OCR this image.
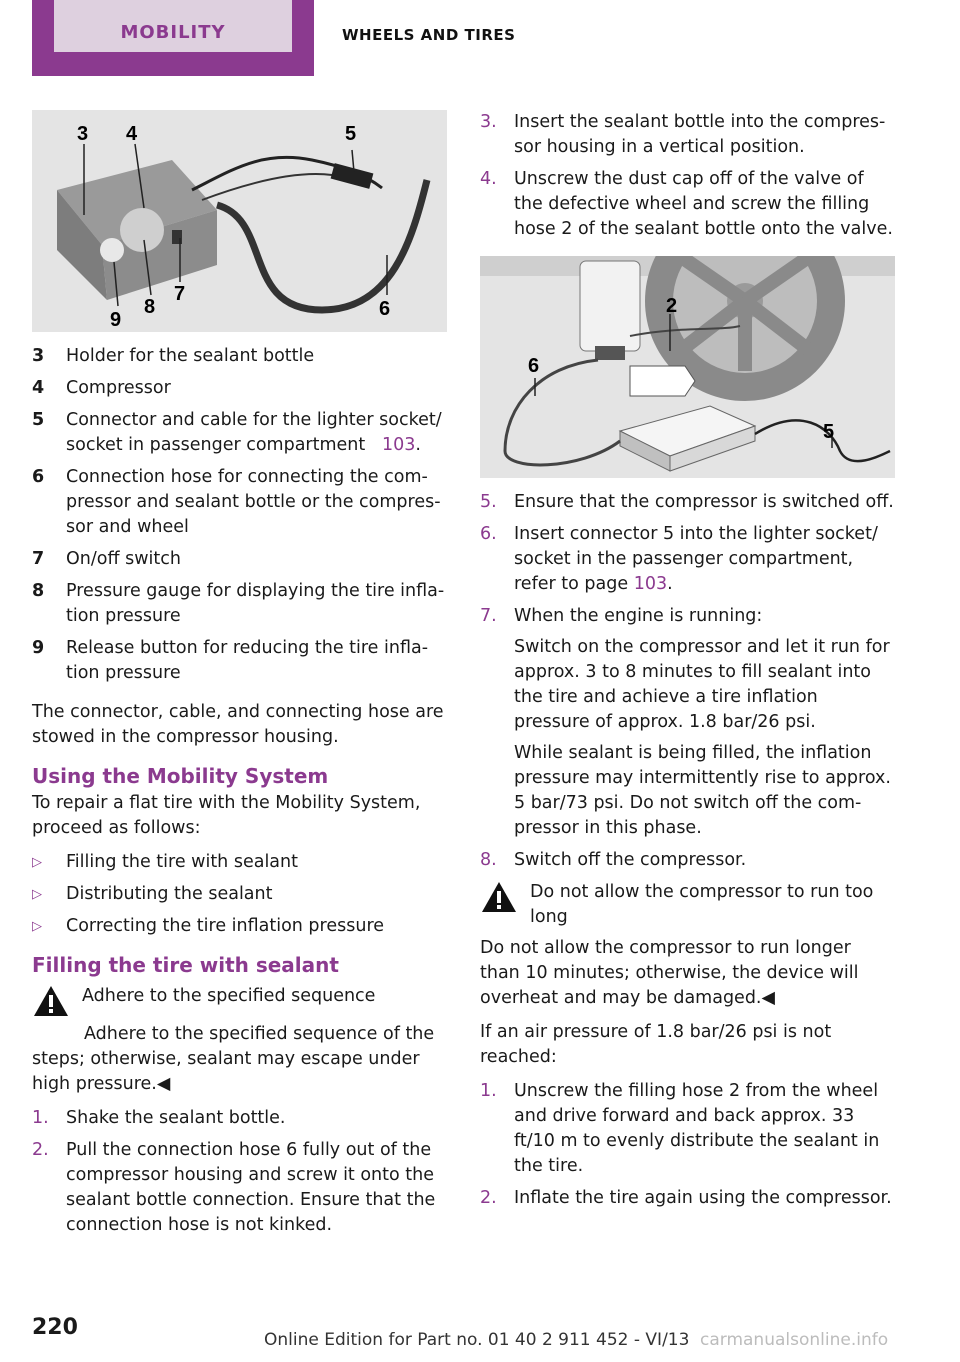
MOBILITY	WHEELS AND TIRES
3 4	5
6
7
8
9
3	Holder for the sealant bottle
4	Compressor
5	Connector and cable for the lighter socket/ socket in passenger compartment 103.
6	Connection hose for connecting the com‐ pressor and sealant bottle or the compres‐ sor and wheel
7	On/off switch
8	Pressure gauge for displaying the tire infla‐ tion pressure
9	Release button for reducing the tire infla‐ tion pressure

The connector, cable, and connecting hose are stowed in the compressor housing.

Using the Mobility System

To repair a flat tire with the Mobility System, proceed as follows:

▷	Filling the tire with sealant
▷	Distributing the sealant
▷	Correcting the tire inflation pressure
Filling the tire with sealant
Adhere to the specified sequence

Adhere to the specified sequence of the steps; otherwise, sealant may escape under high pressure.◀

1. Shake the sealant bottle.
2. Pull the connection hose 6 fully out of the compressor housing and screw it onto the sealant bottle connection. Ensure that the connection hose is not kinked.
3. Insert the sealant bottle into the compres‐ sor housing in a vertical position.
4. Unscrew the dust cap off of the valve of the defective wheel and screw the filling hose 2 of the sealant bottle onto the valve.
2
6
5
5. Ensure that the compressor is switched off.
6. Insert connector 5 into the lighter socket/ socket in the passenger compartment, refer to page 103.
7. When the engine is running:
Switch on the compressor and let it run for approx. 3 to 8 minutes to fill sealant into the tire and achieve a tire inflation pressure of approx. 1.8 bar/26 psi.
While sealant is being filled, the inflation pressure may intermittently rise to approx. 5 bar/73 psi. Do not switch off the com‐ pressor in this phase.
8. Switch off the compressor.
Do not allow the compressor to run too long

Do not allow the compressor to run longer than 10 minutes; otherwise, the device will overheat and may be damaged.◀

If an air pressure of 1.8 bar/26 psi is not reached:

1. Unscrew the filling hose 2 from the wheel and drive forward and back approx. 33 ft/10 m to evenly distribute the sealant in the tire.
2. Inflate the tire again using the compressor.
220	Online Edition for Part no. 01 40 2 911 452 - VI/13 carmanualsonline.info
